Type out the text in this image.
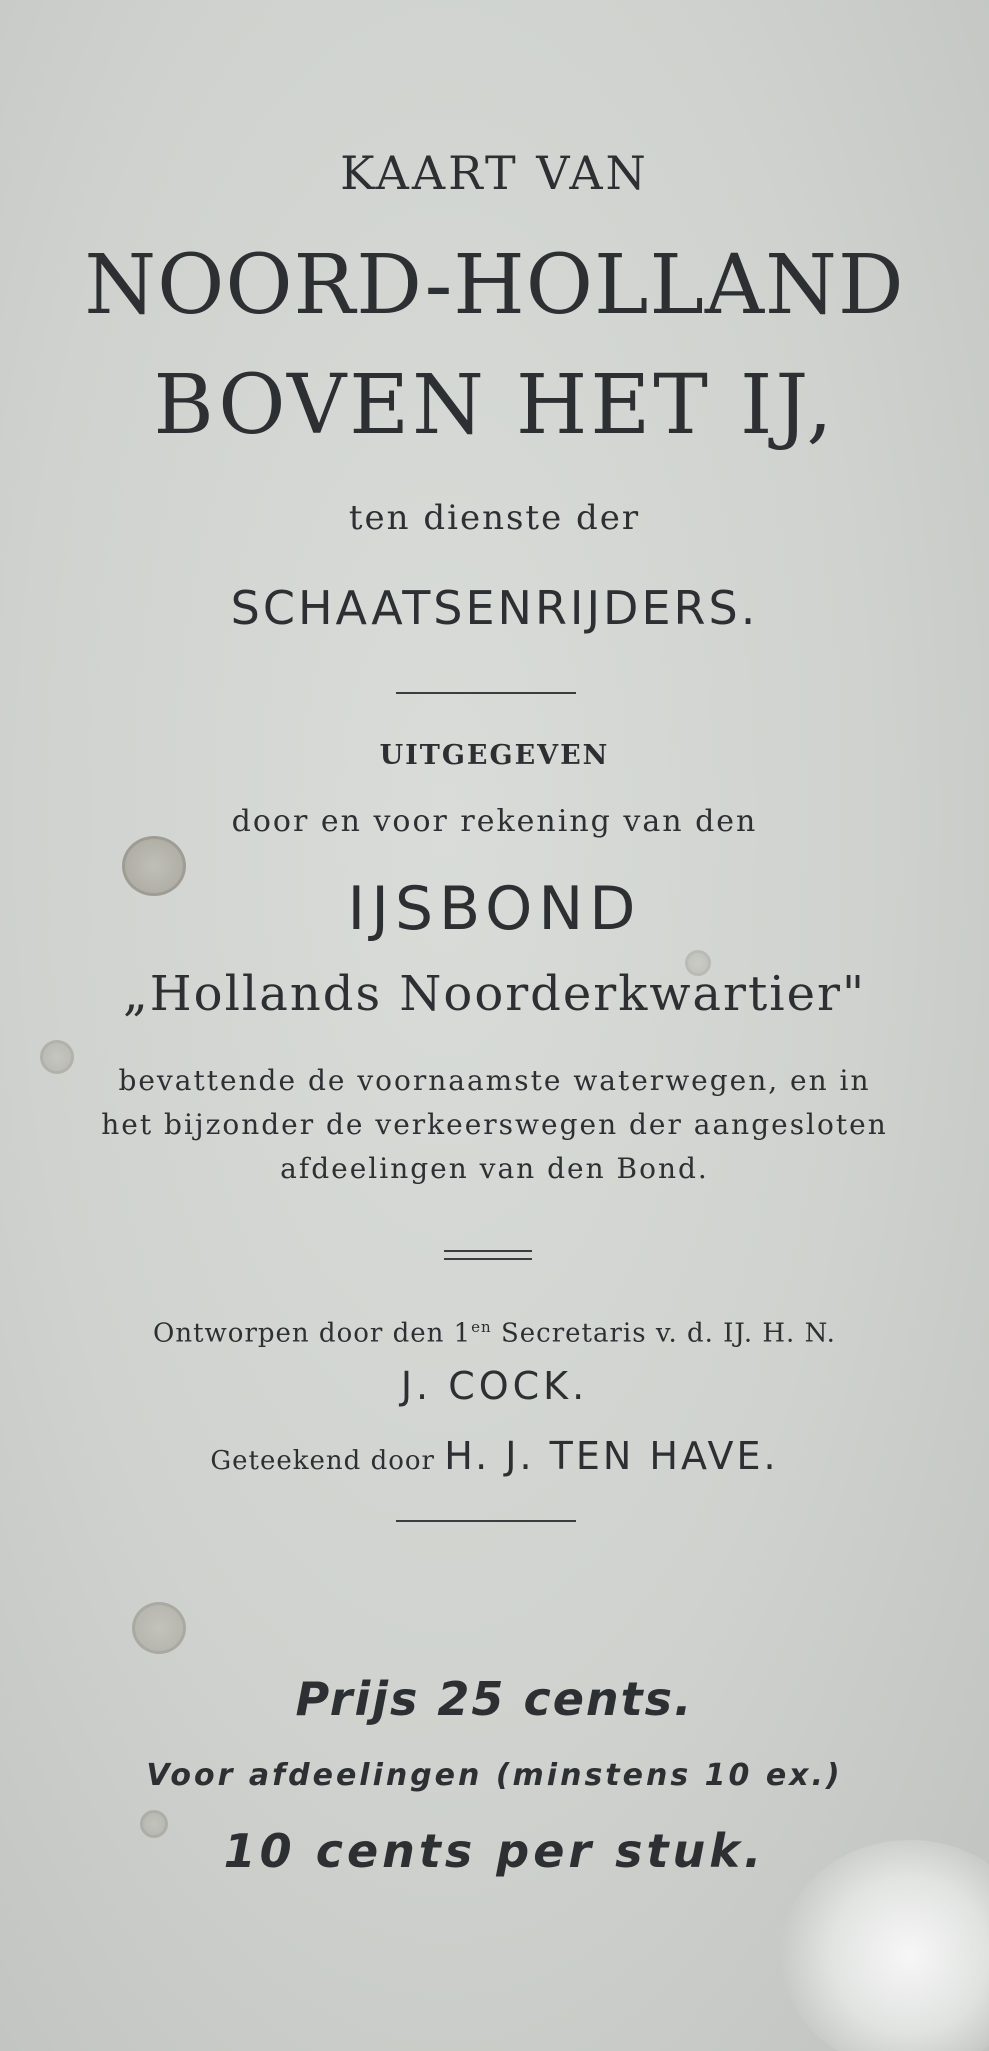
KAART VAN
NOORD-HOLLAND
BOVEN HET IJ,
ten dienste der
SCHAATSENRIJDERS.
UITGEGEVEN
door en voor rekening van den
IJSBOND
„Hollands Noorderkwartier"
bevattende de voornaamste waterwegen, en in
het bijzonder de verkeerswegen der aangesloten
afdeelingen van den Bond.
Ontworpen door den $1^{en}$ Secretaris v. d. IJ. H. N.
J. COCK.
Geteekend door H. J. TEN HAVE.
Prijs 25 cents.
Voor afdeelingen (minstens 10 ex.)
10 cents per stuk.
